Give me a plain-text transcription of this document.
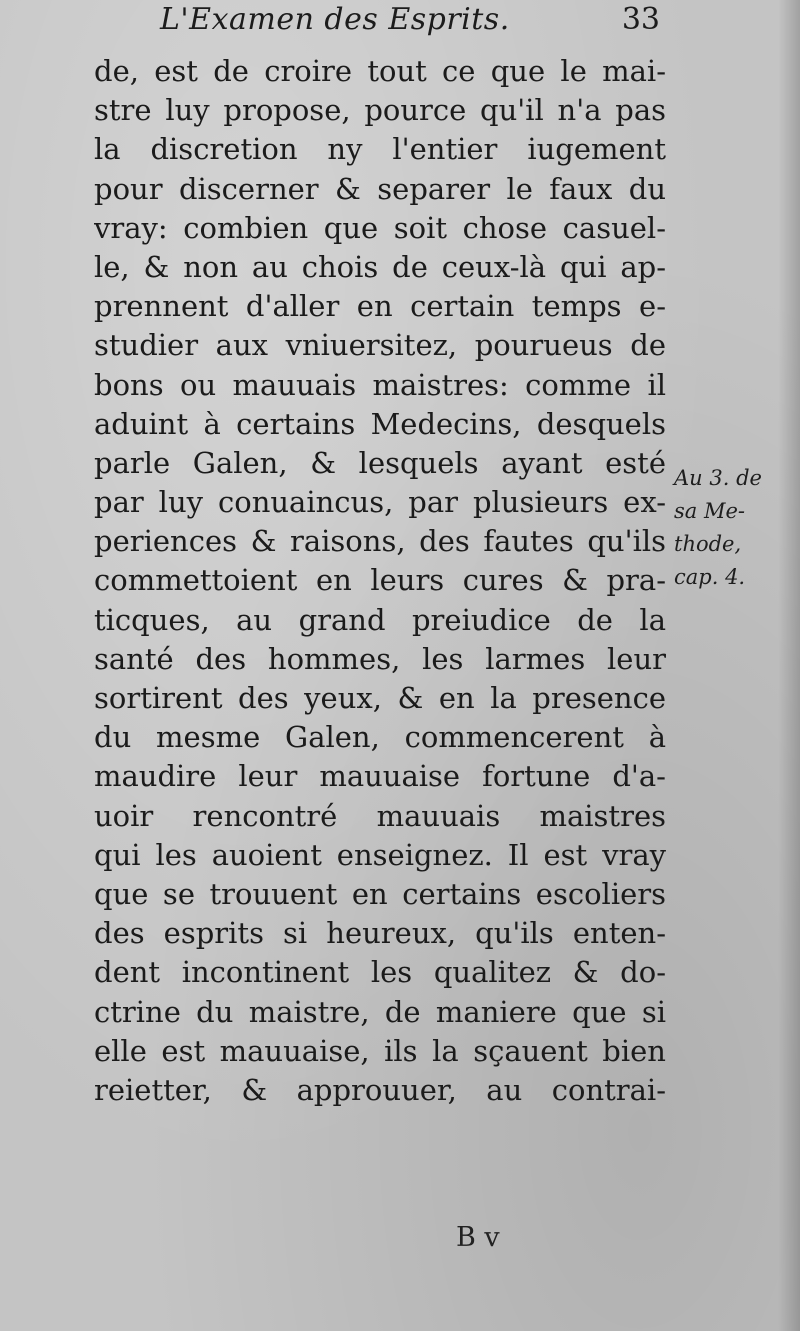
L'Examen des Esprits.	33
de, est de croire tout ce que le mai-
stre luy propose, pource qu'il n'a pas
la discretion ny l'entier iugement
pour discerner & separer le faux du
vray: combien que soit chose casuel-
le, & non au chois de ceux-là qui ap-
prennent d'aller en certain temps e-
studier aux vniuersitez, pourueus de
bons ou mauuais maistres: comme il
aduint à certains Medecins, desquels
parle Galen, & lesquels ayant esté
par luy conuaincus, par plusieurs ex-
periences & raisons, des fautes qu'ils
commettoient en leurs cures & pra-
ticques, au grand preiudice de la
santé des hommes, les larmes leur
sortirent des yeux, & en la presence
du mesme Galen, commencerent à
maudire leur mauuaise fortune d'a-
uoir rencontré mauuais maistres
qui les auoient enseignez. Il est vray
que se trouuent en certains escoliers
des esprits si heureux, qu'ils enten-
dent incontinent les qualitez & do-
ctrine du maistre, de maniere que si
elle est mauuaise, ils la sçauent bien
reietter, & approuuer, au contrai-
Au 3. de
sa Me-
thode,
cap. 4.
B v
